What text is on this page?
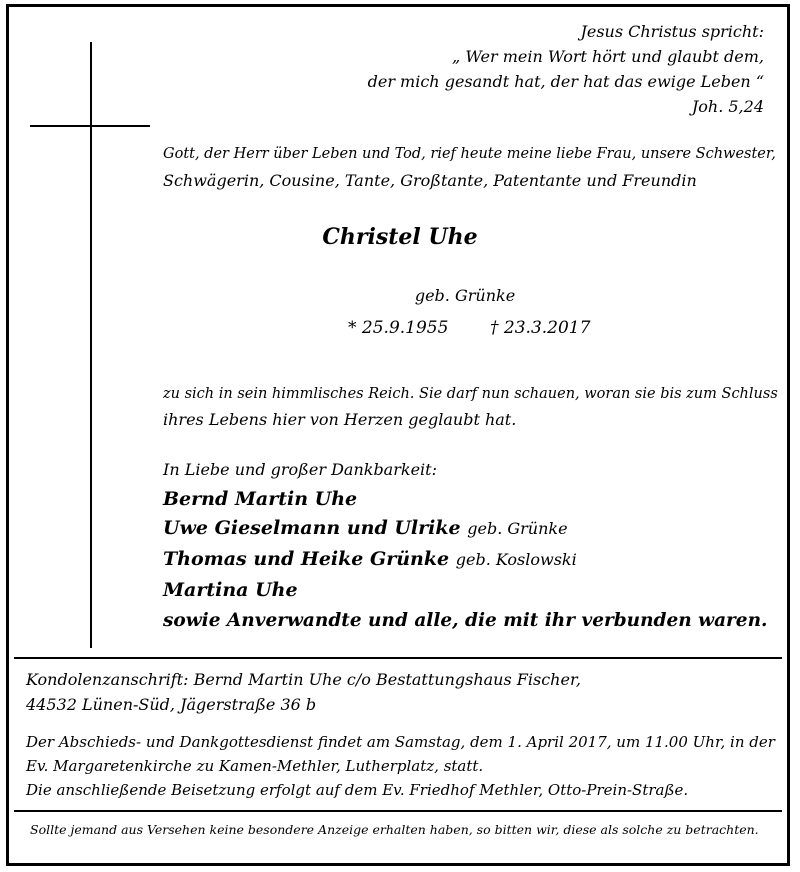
Jesus Christus spricht:
„ Wer mein Wort hört und glaubt dem,
der mich gesandt hat, der hat das ewige Leben “
Joh. 5,24
Gott, der Herr über Leben und Tod, rief heute meine liebe Frau, unsere Schwester,
Schwägerin, Cousine, Tante, Großtante, Patentante und Freundin
Christel Uhe
geb. Grünke
* 25.9.1955 † 23.3.2017
zu sich in sein himmlisches Reich. Sie darf nun schauen, woran sie bis zum Schluss
ihres Lebens hier von Herzen geglaubt hat.
In Liebe und großer Dankbarkeit:
Bernd Martin Uhe
Uwe Gieselmann und Ulrike geb. Grünke
Thomas und Heike Grünke geb. Koslowski
Martina Uhe
sowie Anverwandte und alle, die mit ihr verbunden waren.
Kondolenzanschrift: Bernd Martin Uhe c/o Bestattungshaus Fischer,
44532 Lünen-Süd, Jägerstraße 36 b
Der Abschieds- und Dankgottesdienst findet am Samstag, dem 1. April 2017, um 11.00 Uhr, in der
Ev. Margaretenkirche zu Kamen-Methler, Lutherplatz, statt.
Die anschließende Beisetzung erfolgt auf dem Ev. Friedhof Methler, Otto-Prein-Straße.
Sollte jemand aus Versehen keine besondere Anzeige erhalten haben, so bitten wir, diese als solche zu betrachten.
